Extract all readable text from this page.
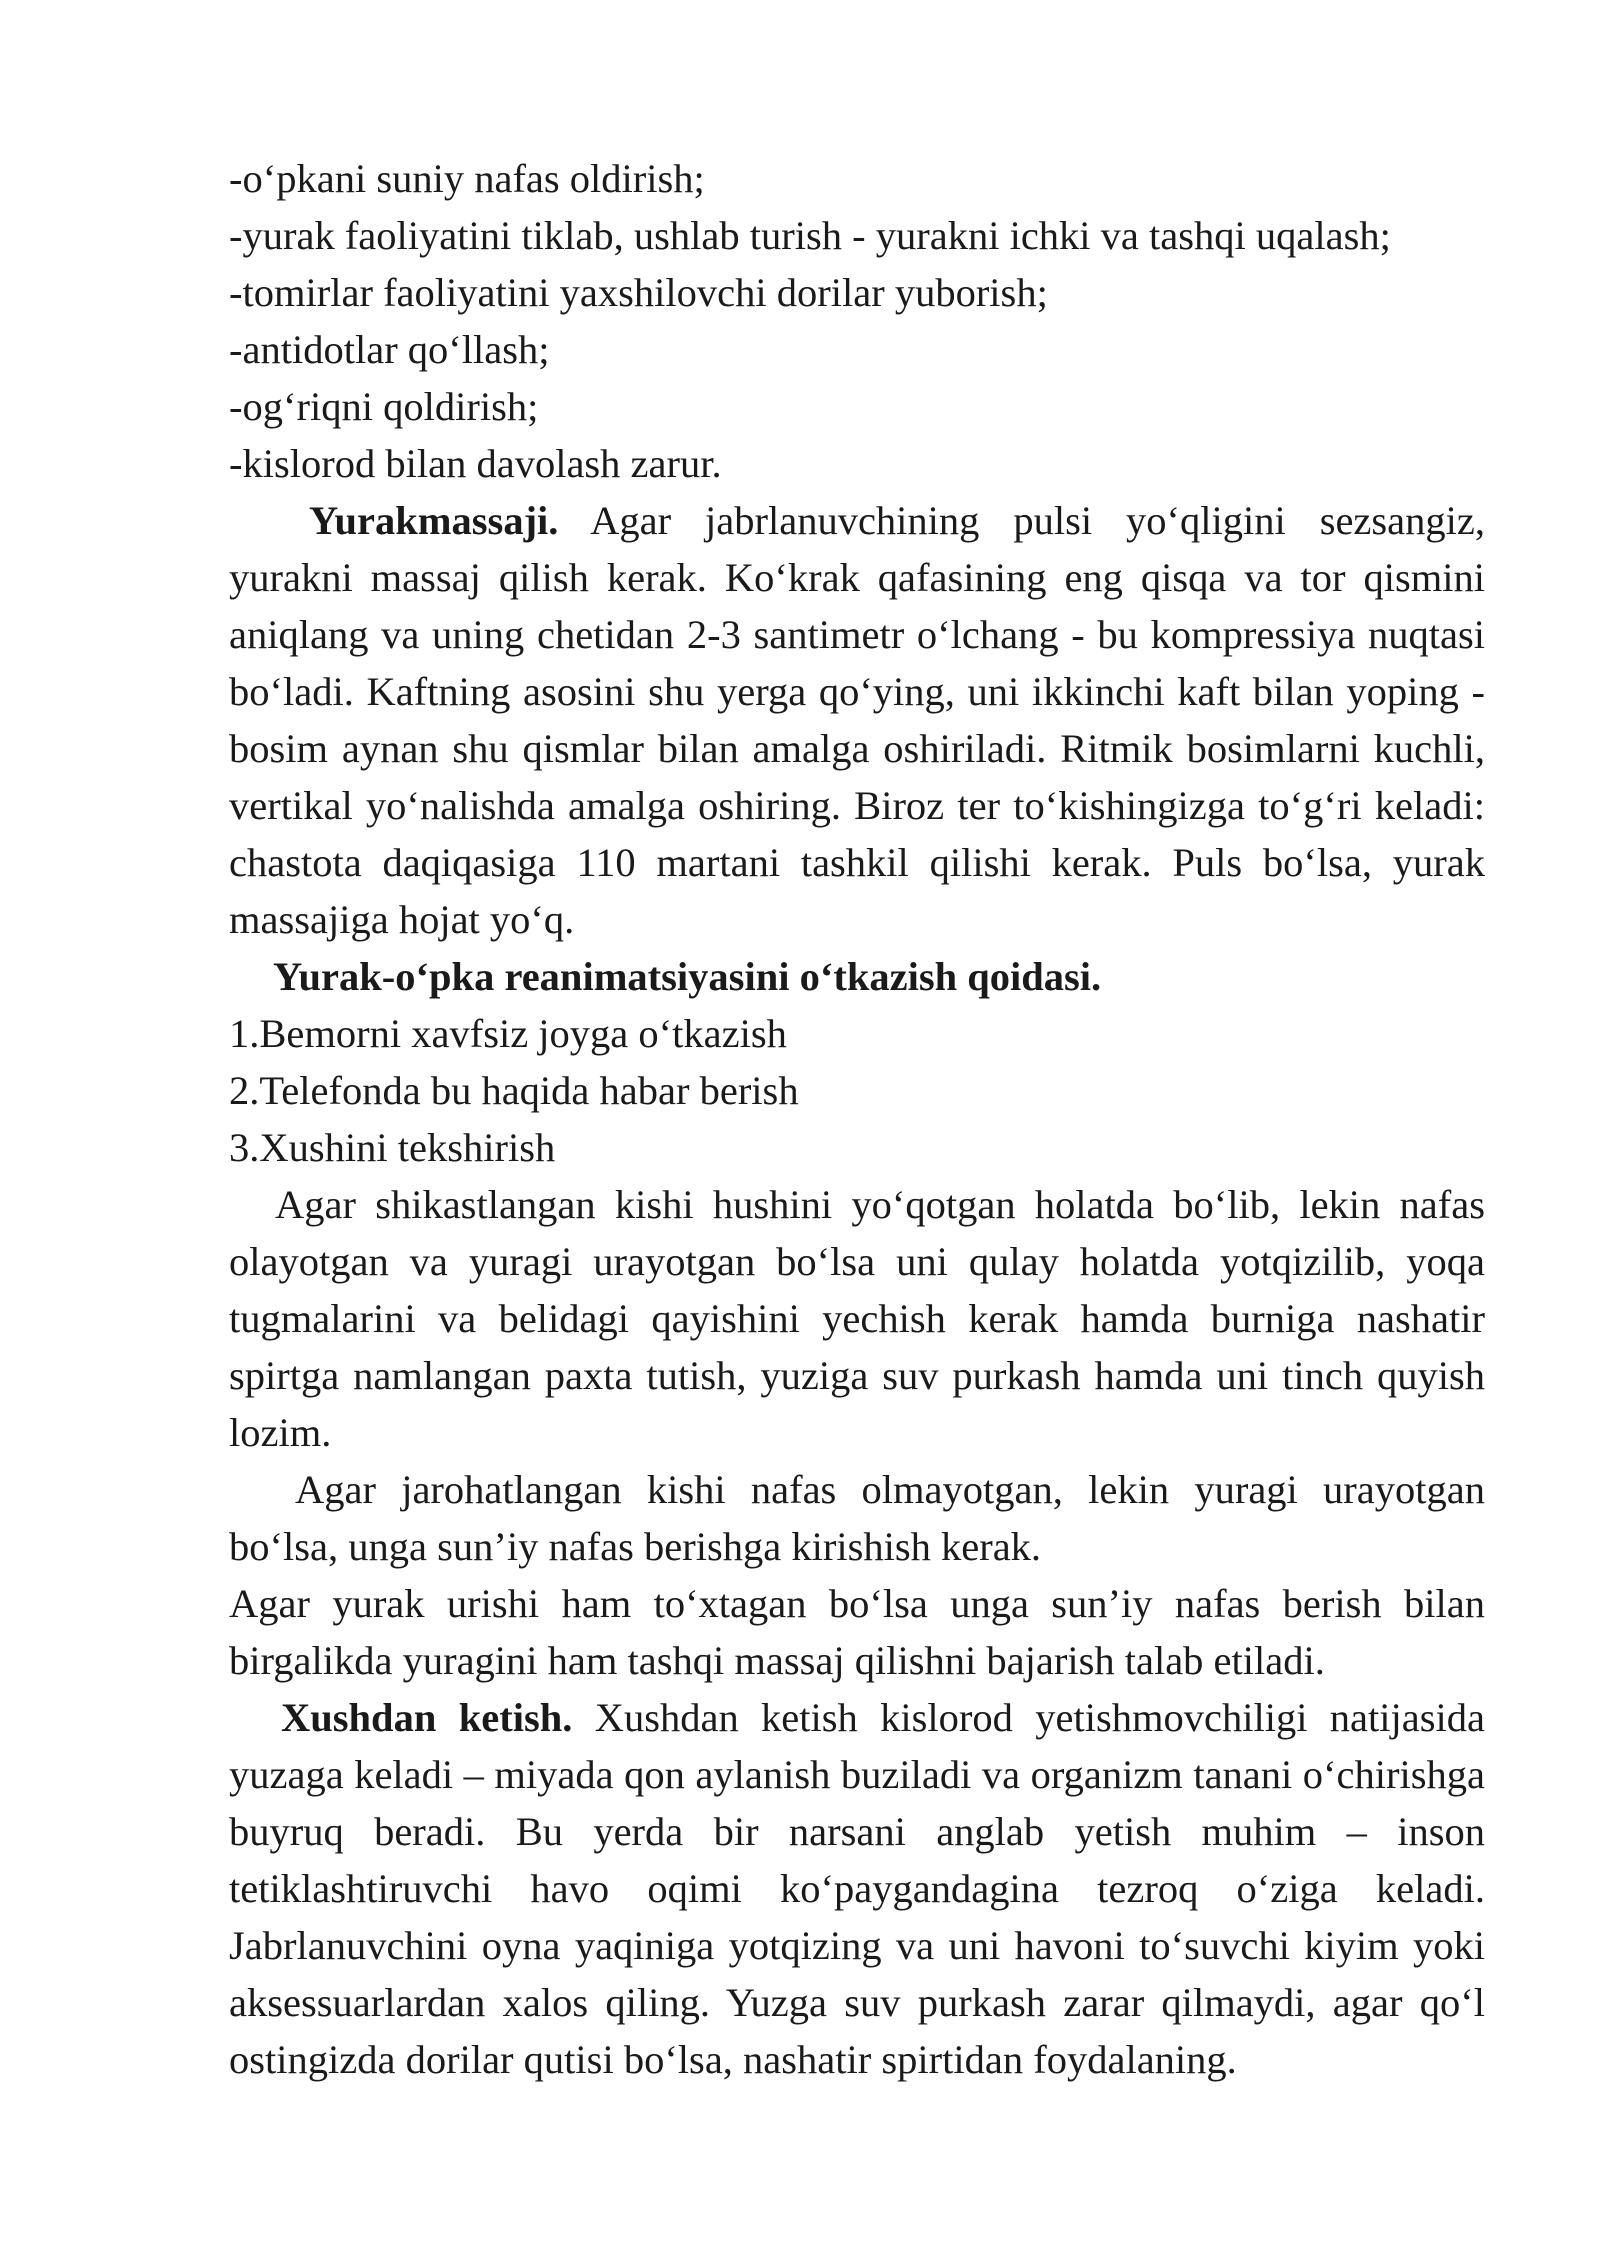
-oʻpkani suniy nafas oldirish;

-yurak faoliyatini tiklab, ushlab turish - yurakni ichki va tashqi uqalash;

-tomirlar faoliyatini yaxshilovchi dorilar yuborish;

-antidotlar qoʻllash;

-ogʻriqni qoldirish;

-kislorod bilan davolash zarur.

Yurakmassaji. Agar jabrlanuvchining pulsi yoʻqligini sezsangiz, yurakni massaj qilish kerak. Koʻkrak qafasining eng qisqa va tor qismini aniqlang va uning chetidan 2-3 santimetr oʻlchang - bu kompressiya nuqtasi boʻladi. Kaftning asosini shu yerga qoʻying, uni ikkinchi kaft bilan yoping - bosim aynan shu qismlar bilan amalga oshiriladi. Ritmik bosimlarni kuchli, vertikal yoʻnalishda amalga oshiring. Biroz ter toʻkishingizga toʻgʻri keladi: chastota daqiqasiga 110 martani tashkil qilishi kerak. Puls boʻlsa, yurak massajiga hojat yoʻq.

Yurak-oʻpka reanimatsiyasini oʻtkazish qoidasi.

1.Bemorni xavfsiz joyga oʻtkazish

2.Telefonda bu haqida habar berish

3.Xushini tekshirish

Agar shikastlangan kishi hushini yoʻqotgan holatda boʻlib, lekin nafas olayotgan va yuragi urayotgan boʻlsa uni qulay holatda yotqizilib, yoqa tugmalarini va belidagi qayishini yechish kerak hamda burniga nashatir spirtga namlangan paxta tutish, yuziga suv purkash hamda uni tinch quyish lozim.

Agar jarohatlangan kishi nafas olmayotgan, lekin yuragi urayotgan boʻlsa, unga sun’iy nafas berishga kirishish kerak.

Agar yurak urishi ham toʻxtagan boʻlsa unga sun’iy nafas berish bilan birgalikda yuragini ham tashqi massaj qilishni bajarish talab etiladi.

Xushdan ketish. Xushdan ketish kislorod yetishmovchiligi natijasida yuzaga keladi – miyada qon aylanish buziladi va organizm tanani oʻchirishga buyruq beradi. Bu yerda bir narsani anglab yetish muhim – inson tetiklashtiruvchi havo oqimi koʻpaygandagina tezroq oʻziga keladi. Jabrlanuvchini oyna yaqiniga yotqizing va uni havoni toʻsuvchi kiyim yoki aksessuarlardan xalos qiling. Yuzga suv purkash zarar qilmaydi, agar qoʻl ostingizda dorilar qutisi boʻlsa, nashatir spirtidan foydalaning.
